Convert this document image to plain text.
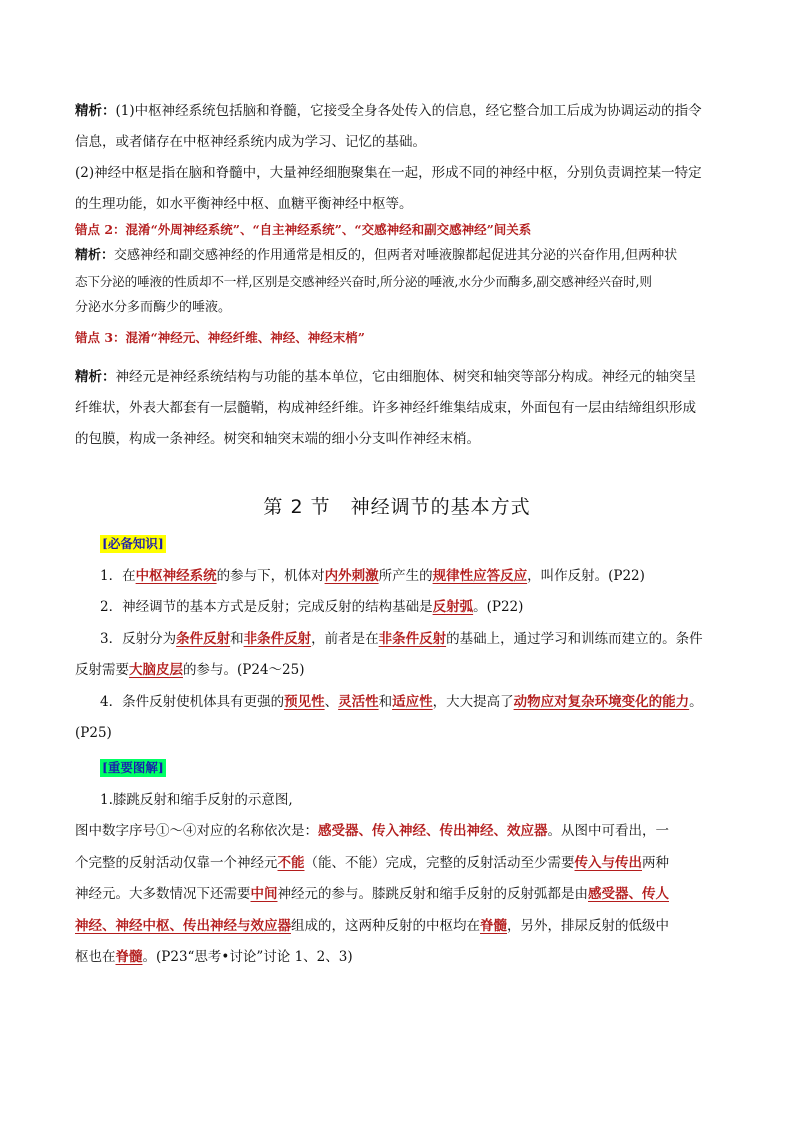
精析：(1)中枢神经系统包括脑和脊髓，它接受全身各处传入的信息，经它整合加工后成为协调运动的指令

信息，或者储存在中枢神经系统内成为学习、记忆的基础。

(2)神经中枢是指在脑和脊髓中，大量神经细胞聚集在一起，形成不同的神经中枢，分别负责调控某一特定

的生理功能，如水平衡神经中枢、血糖平衡神经中枢等。

错点 2：混淆“外周神经系统”、“自主神经系统”、“交感神经和副交感神经”间关系

精析：交感神经和副交感神经的作用通常是相反的，但两者对唾液腺都起促进其分泌的兴奋作用,但两种状

态下分泌的唾液的性质却不一样,区别是交感神经兴奋时,所分泌的唾液,水分少而酶多,副交感神经兴奋时,则

分泌水分多而酶少的唾液。

错点 3：混淆“神经元、神经纤维、神经、神经末梢”

精析：神经元是神经系统结构与功能的基本单位，它由细胞体、树突和轴突等部分构成。神经元的轴突呈

纤维状，外表大都套有一层髓鞘，构成神经纤维。许多神经纤维集结成束，外面包有一层由结缔组织形成

的包膜，构成一条神经。树突和轴突末端的细小分支叫作神经末梢。

第 2 节　神经调节的基本方式

[必备知识]

1．在中枢神经系统的参与下，机体对内外刺激所产生的规律性应答反应，叫作反射。(P22)

2．神经调节的基本方式是反射；完成反射的结构基础是反射弧。(P22)

3．反射分为条件反射和非条件反射，前者是在非条件反射的基础上，通过学习和训练而建立的。条件

反射需要大脑皮层的参与。(P24～25)

4．条件反射使机体具有更强的预见性、灵活性和适应性，大大提高了动物应对复杂环境变化的能力。

(P25)

[重要图解]

1.膝跳反射和缩手反射的示意图,

图中数字序号①～④对应的名称依次是：感受器、传入神经、传出神经、效应器。从图中可看出，一

个完整的反射活动仅靠一个神经元不能（能、不能）完成，完整的反射活动至少需要传入与传出两种

神经元。大多数情况下还需要中间神经元的参与。膝跳反射和缩手反射的反射弧都是由感受器、传人

神经、神经中枢、传出神经与效应器组成的，这两种反射的中枢均在脊髓，另外，排尿反射的低级中

枢也在脊髓。(P23“思考•讨论”讨论 1、2、3)
